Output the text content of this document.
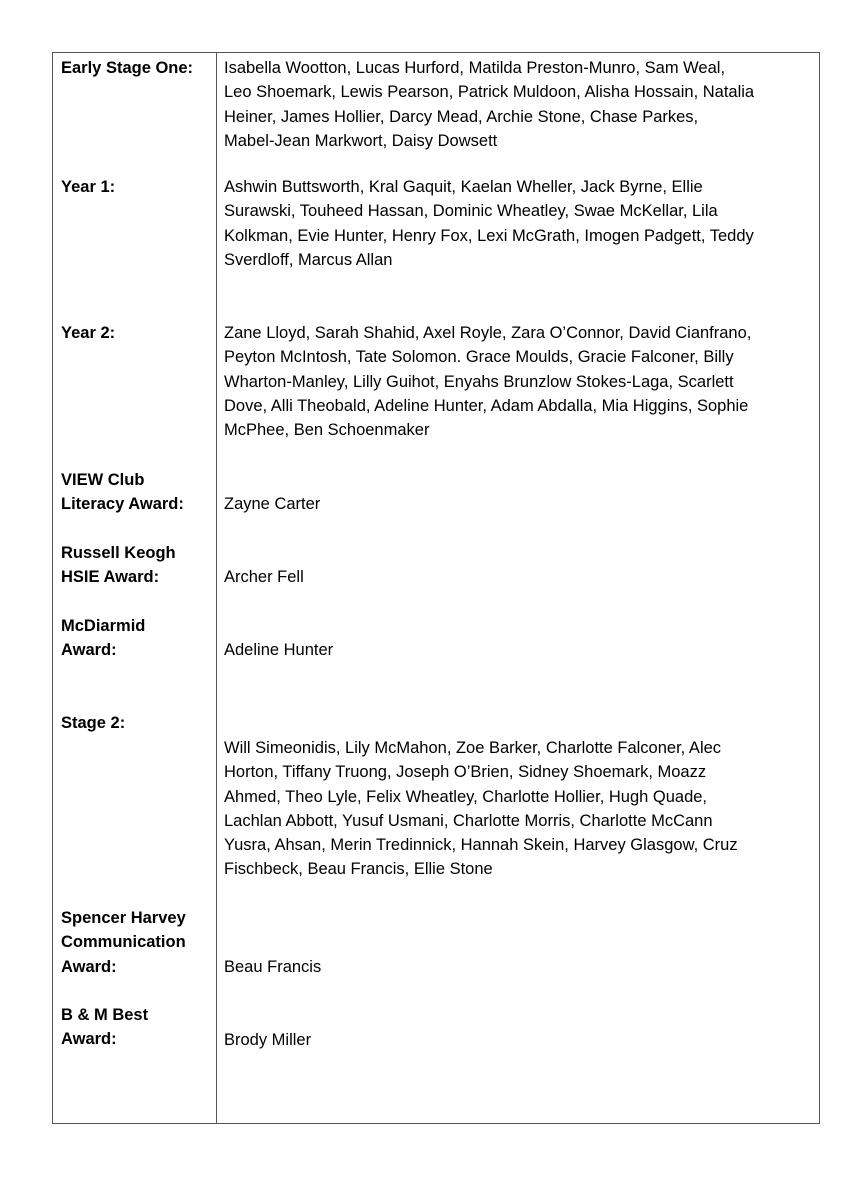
Early Stage One:	Isabella Wootton, Lucas Hurford, Matilda Preston-Munro, Sam Weal,
Leo Shoemark, Lewis Pearson, Patrick Muldoon, Alisha Hossain, Natalia
Heiner, James Hollier, Darcy Mead, Archie Stone, Chase Parkes,
Mabel-Jean Markwort, Daisy Dowsett
Year 1:	Ashwin Buttsworth, Kral Gaquit, Kaelan Wheller, Jack Byrne, Ellie
Surawski, Touheed Hassan, Dominic Wheatley, Swae McKellar, Lila
Kolkman, Evie Hunter, Henry Fox, Lexi McGrath, Imogen Padgett, Teddy
Sverdloff, Marcus Allan
Year 2:	Zane Lloyd, Sarah Shahid, Axel Royle, Zara O’Connor, David Cianfrano,
Peyton McIntosh, Tate Solomon. Grace Moulds, Gracie Falconer, Billy
Wharton-Manley, Lilly Guihot, Enyahs Brunzlow Stokes-Laga, Scarlett
Dove, Alli Theobald, Adeline Hunter, Adam Abdalla, Mia Higgins, Sophie
McPhee, Ben Schoenmaker
VIEW Club
Literacy Award:	Zayne Carter
Russell Keogh
HSIE Award:	Archer Fell
McDiarmid
Award:	Adeline Hunter
Stage 2:
Will Simeonidis, Lily McMahon, Zoe Barker, Charlotte Falconer, Alec
Horton, Tiffany Truong, Joseph O’Brien, Sidney Shoemark, Moazz
Ahmed, Theo Lyle, Felix Wheatley, Charlotte Hollier, Hugh Quade,
Lachlan Abbott, Yusuf Usmani, Charlotte Morris, Charlotte McCann
Yusra, Ahsan, Merin Tredinnick, Hannah Skein, Harvey Glasgow, Cruz
Fischbeck, Beau Francis, Ellie Stone
Spencer Harvey
Communication
Award:	Beau Francis
B & M Best
Award:	Brody Miller
